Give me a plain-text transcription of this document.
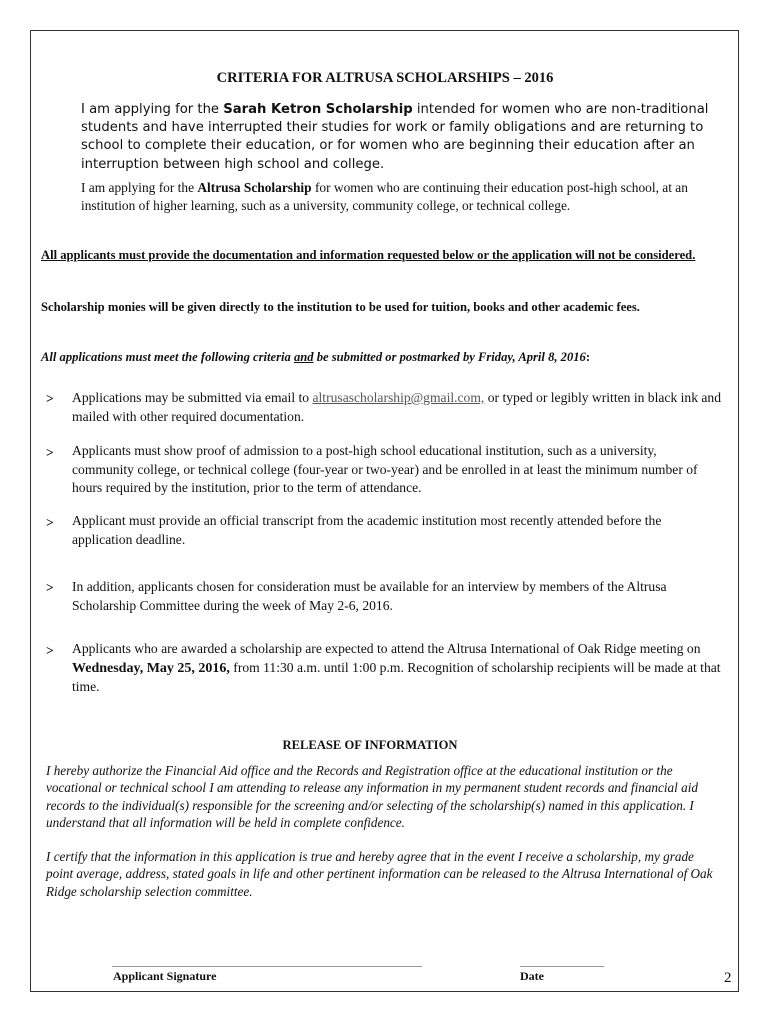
CRITERIA FOR ALTRUSA SCHOLARSHIPS – 2016
I am applying for the Sarah Ketron Scholarship intended for women who are non-traditional students and have interrupted their studies for work or family obligations and are returning to school to complete their education, or for women who are beginning their education after an interruption between high school and college.
I am applying for the Altrusa Scholarship for women who are continuing their education post-high school, at an institution of higher learning, such as a university, community college, or technical college.
All applicants must provide the documentation and information requested below or the application will not be considered.
Scholarship monies will be given directly to the institution to be used for tuition, books and other academic fees.
All applications must meet the following criteria and be submitted or postmarked by Friday, April 8, 2016:
> Applications may be submitted via email to altrusascholarship@gmail.com, or typed or legibly written in black ink and mailed with other required documentation.
> Applicants must show proof of admission to a post-high school educational institution, such as a university, community college, or technical college (four-year or two-year) and be enrolled in at least the minimum number of hours required by the institution, prior to the term of attendance.
> Applicant must provide an official transcript from the academic institution most recently attended before the application deadline.
> In addition, applicants chosen for consideration must be available for an interview by members of the Altrusa Scholarship Committee during the week of May 2-6, 2016.
> Applicants who are awarded a scholarship are expected to attend the Altrusa International of Oak Ridge meeting on Wednesday, May 25, 2016, from 11:30 a.m. until 1:00 p.m. Recognition of scholarship recipients will be made at that time.
RELEASE OF INFORMATION
I hereby authorize the Financial Aid office and the Records and Registration office at the educational institution or the vocational or technical school I am attending to release any information in my permanent student records and financial aid records to the individual(s) responsible for the screening and/or selecting of the scholarship(s) named in this application. I understand that all information will be held in complete confidence.
I certify that the information in this application is true and hereby agree that in the event I receive a scholarship, my grade point average, address, stated goals in life and other pertinent information can be released to the Altrusa International of Oak Ridge scholarship selection committee.
Applicant Signature	Date	2
